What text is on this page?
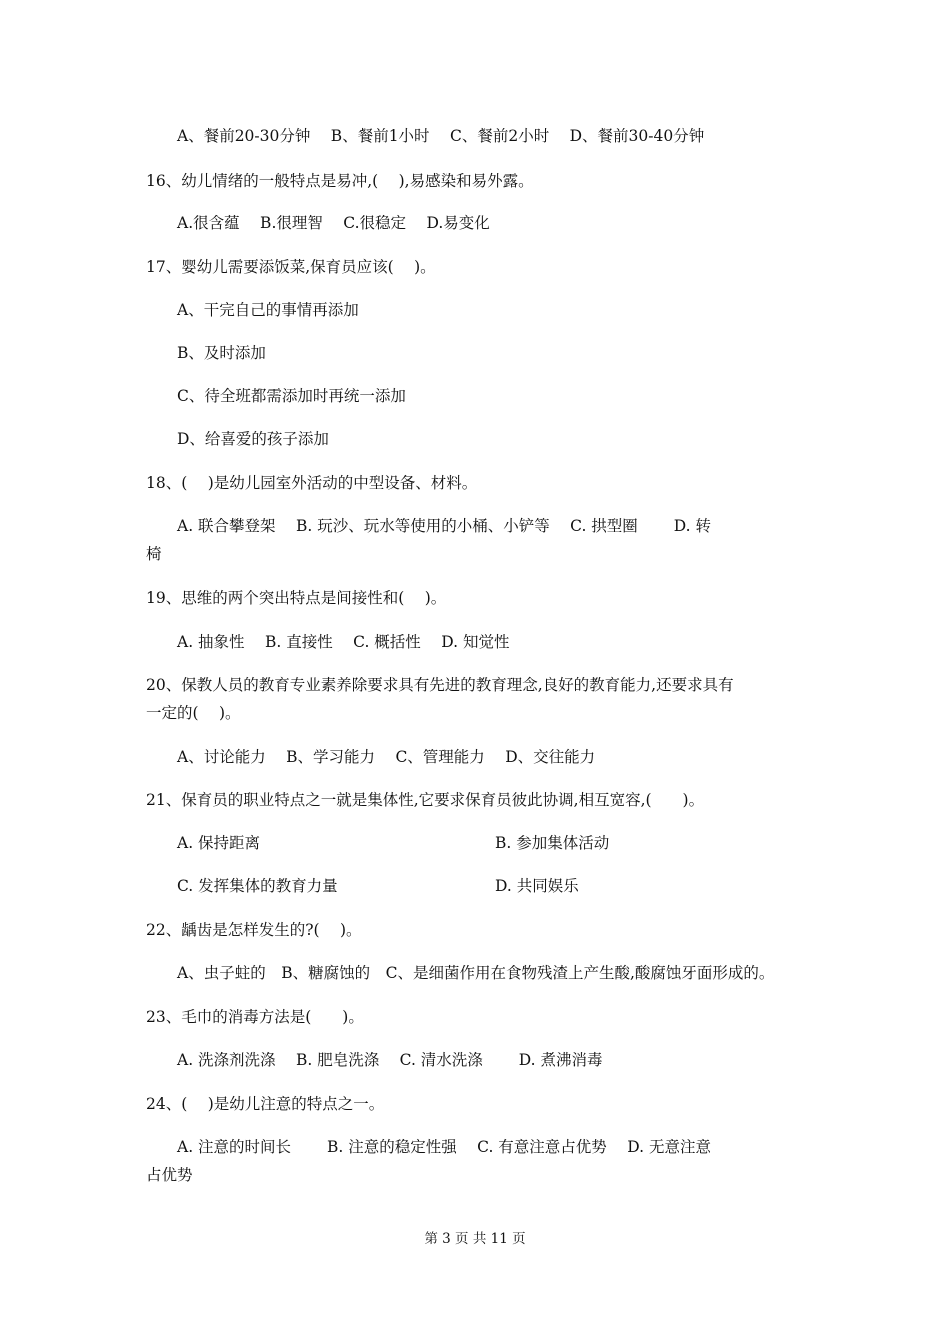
A、餐前20-30分钟　 B、餐前1小时　 C、餐前2小时　 D、餐前30-40分钟
16、幼儿情绪的一般特点是易冲,(　 ),易感染和易外露。
A.很含蕴　 B.很理智　 C.很稳定　 D.易变化
17、婴幼儿需要添饭菜,保育员应该(　 )。
A、干完自己的事情再添加
B、及时添加
C、待全班都需添加时再统一添加
D、给喜爱的孩子添加
18、(　 )是幼儿园室外活动的中型设备、材料。
A. 联合攀登架　 B. 玩沙、玩水等使用的小桶、小铲等　 C. 拱型圈　　 D. 转
椅
19、思维的两个突出特点是间接性和(　 )。
A. 抽象性　 B. 直接性　 C. 概括性　 D. 知觉性
20、保教人员的教育专业素养除要求具有先进的教育理念,良好的教育能力,还要求具有
一定的(　 )。
A、讨论能力　 B、学习能力　 C、管理能力　 D、交往能力
21、保育员的职业特点之一就是集体性,它要求保育员彼此协调,相互宽容,(　　)。
A. 保持距离	B. 参加集体活动
C. 发挥集体的教育力量	D. 共同娱乐
22、龋齿是怎样发生的?(　 )。
A、虫子蛀的　B、糖腐蚀的　C、是细菌作用在食物残渣上产生酸,酸腐蚀牙面形成的。
23、毛巾的消毒方法是(　　)。
A. 洗涤剂洗涤　 B. 肥皂洗涤　 C. 清水洗涤　　 D. 煮沸消毒
24、(　 )是幼儿注意的特点之一。
A. 注意的时间长　　 B. 注意的稳定性强　 C. 有意注意占优势　 D. 无意注意
占优势
第 3 页 共 11 页
